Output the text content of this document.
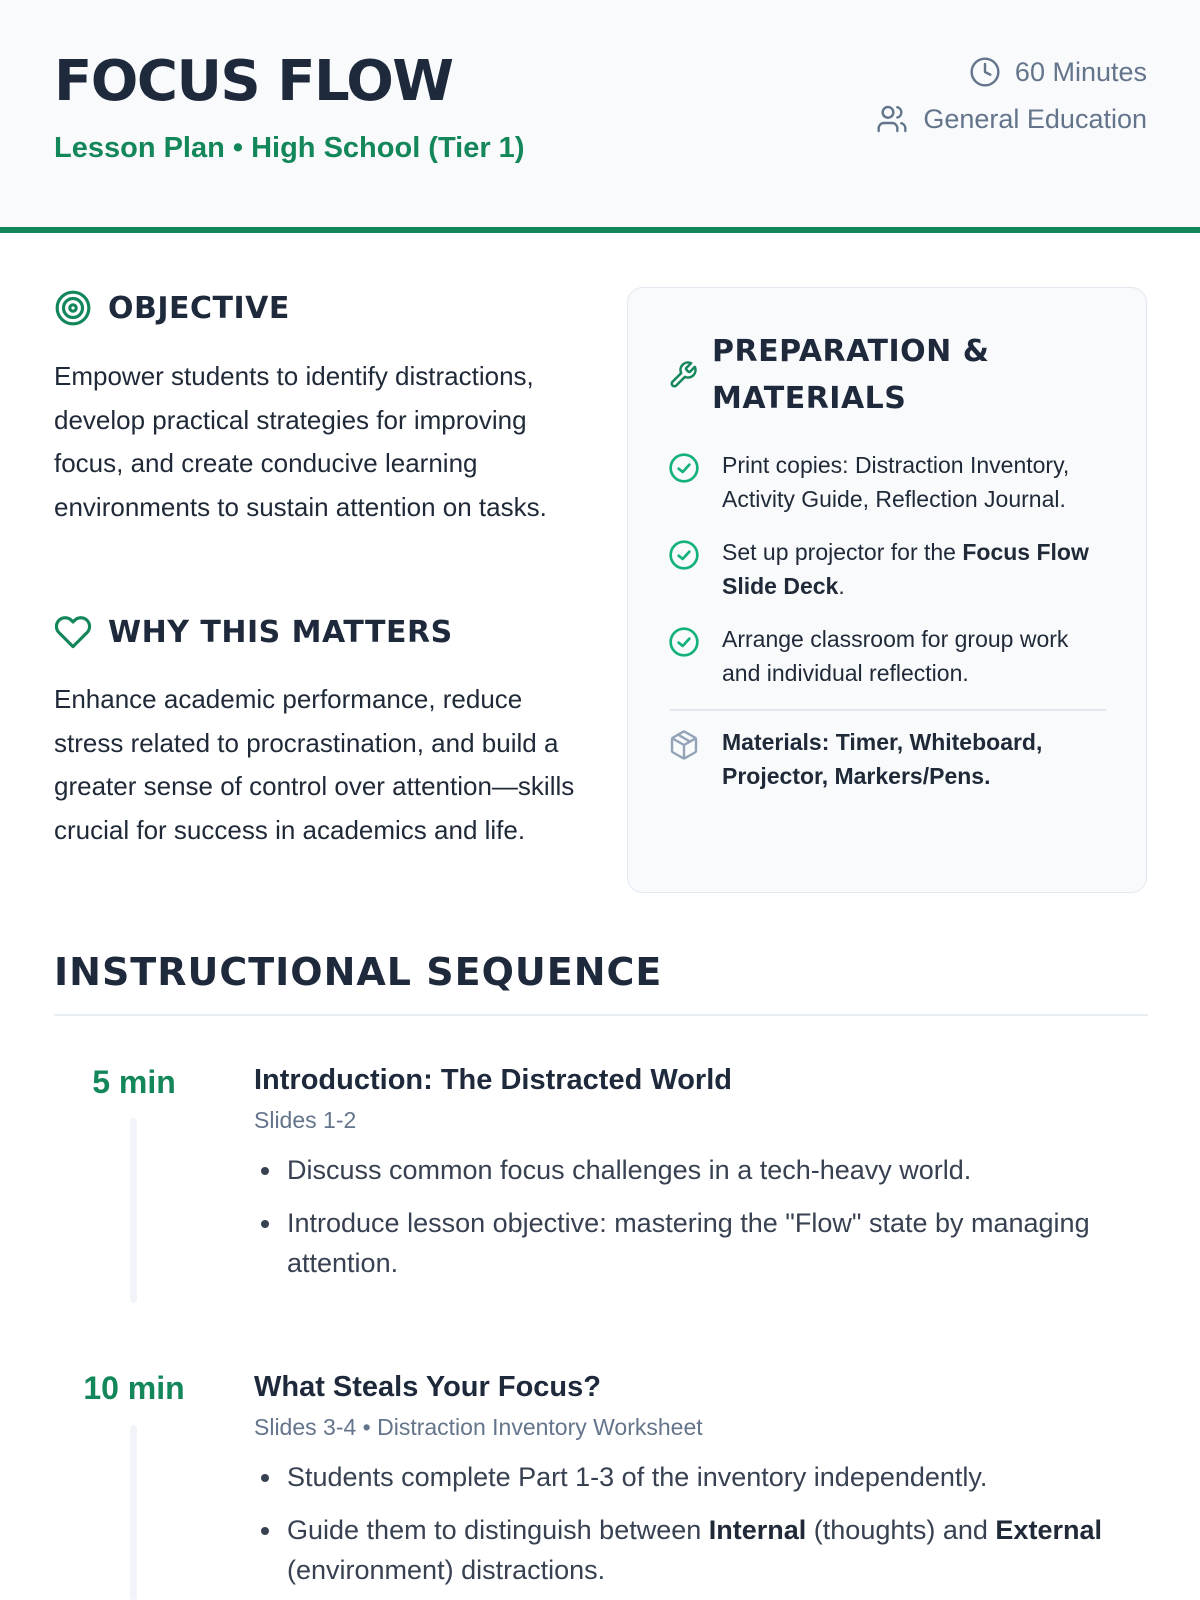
FOCUS FLOW
Lesson Plan • High School (Tier 1)
60 Minutes
General Education
OBJECTIVE

Empower students to identify distractions, develop practical strategies for improving focus, and create conducive learning environments to sustain attention on tasks.

WHY THIS MATTERS

Enhance academic performance, reduce stress related to procrastination, and build a greater sense of control over attention—skills crucial for success in academics and life.

PREPARATION & MATERIALS
Print copies: Distraction Inventory, Activity Guide, Reflection Journal.
Set up projector for the Focus Flow Slide Deck.
Arrange classroom for group work and individual reflection.
Materials: Timer, Whiteboard, Projector, Markers/Pens.
INSTRUCTIONAL SEQUENCE
5 min	Introduction: The Distracted World
Slides 1-2
Discuss common focus challenges in a tech-heavy world.
Introduce lesson objective: mastering the "Flow" state by managing attention.
10 min	What Steals Your Focus?
Slides 3-4 • Distraction Inventory Worksheet
Students complete Part 1-3 of the inventory independently.
Guide them to distinguish between Internal (thoughts) and External (environment) distractions.
